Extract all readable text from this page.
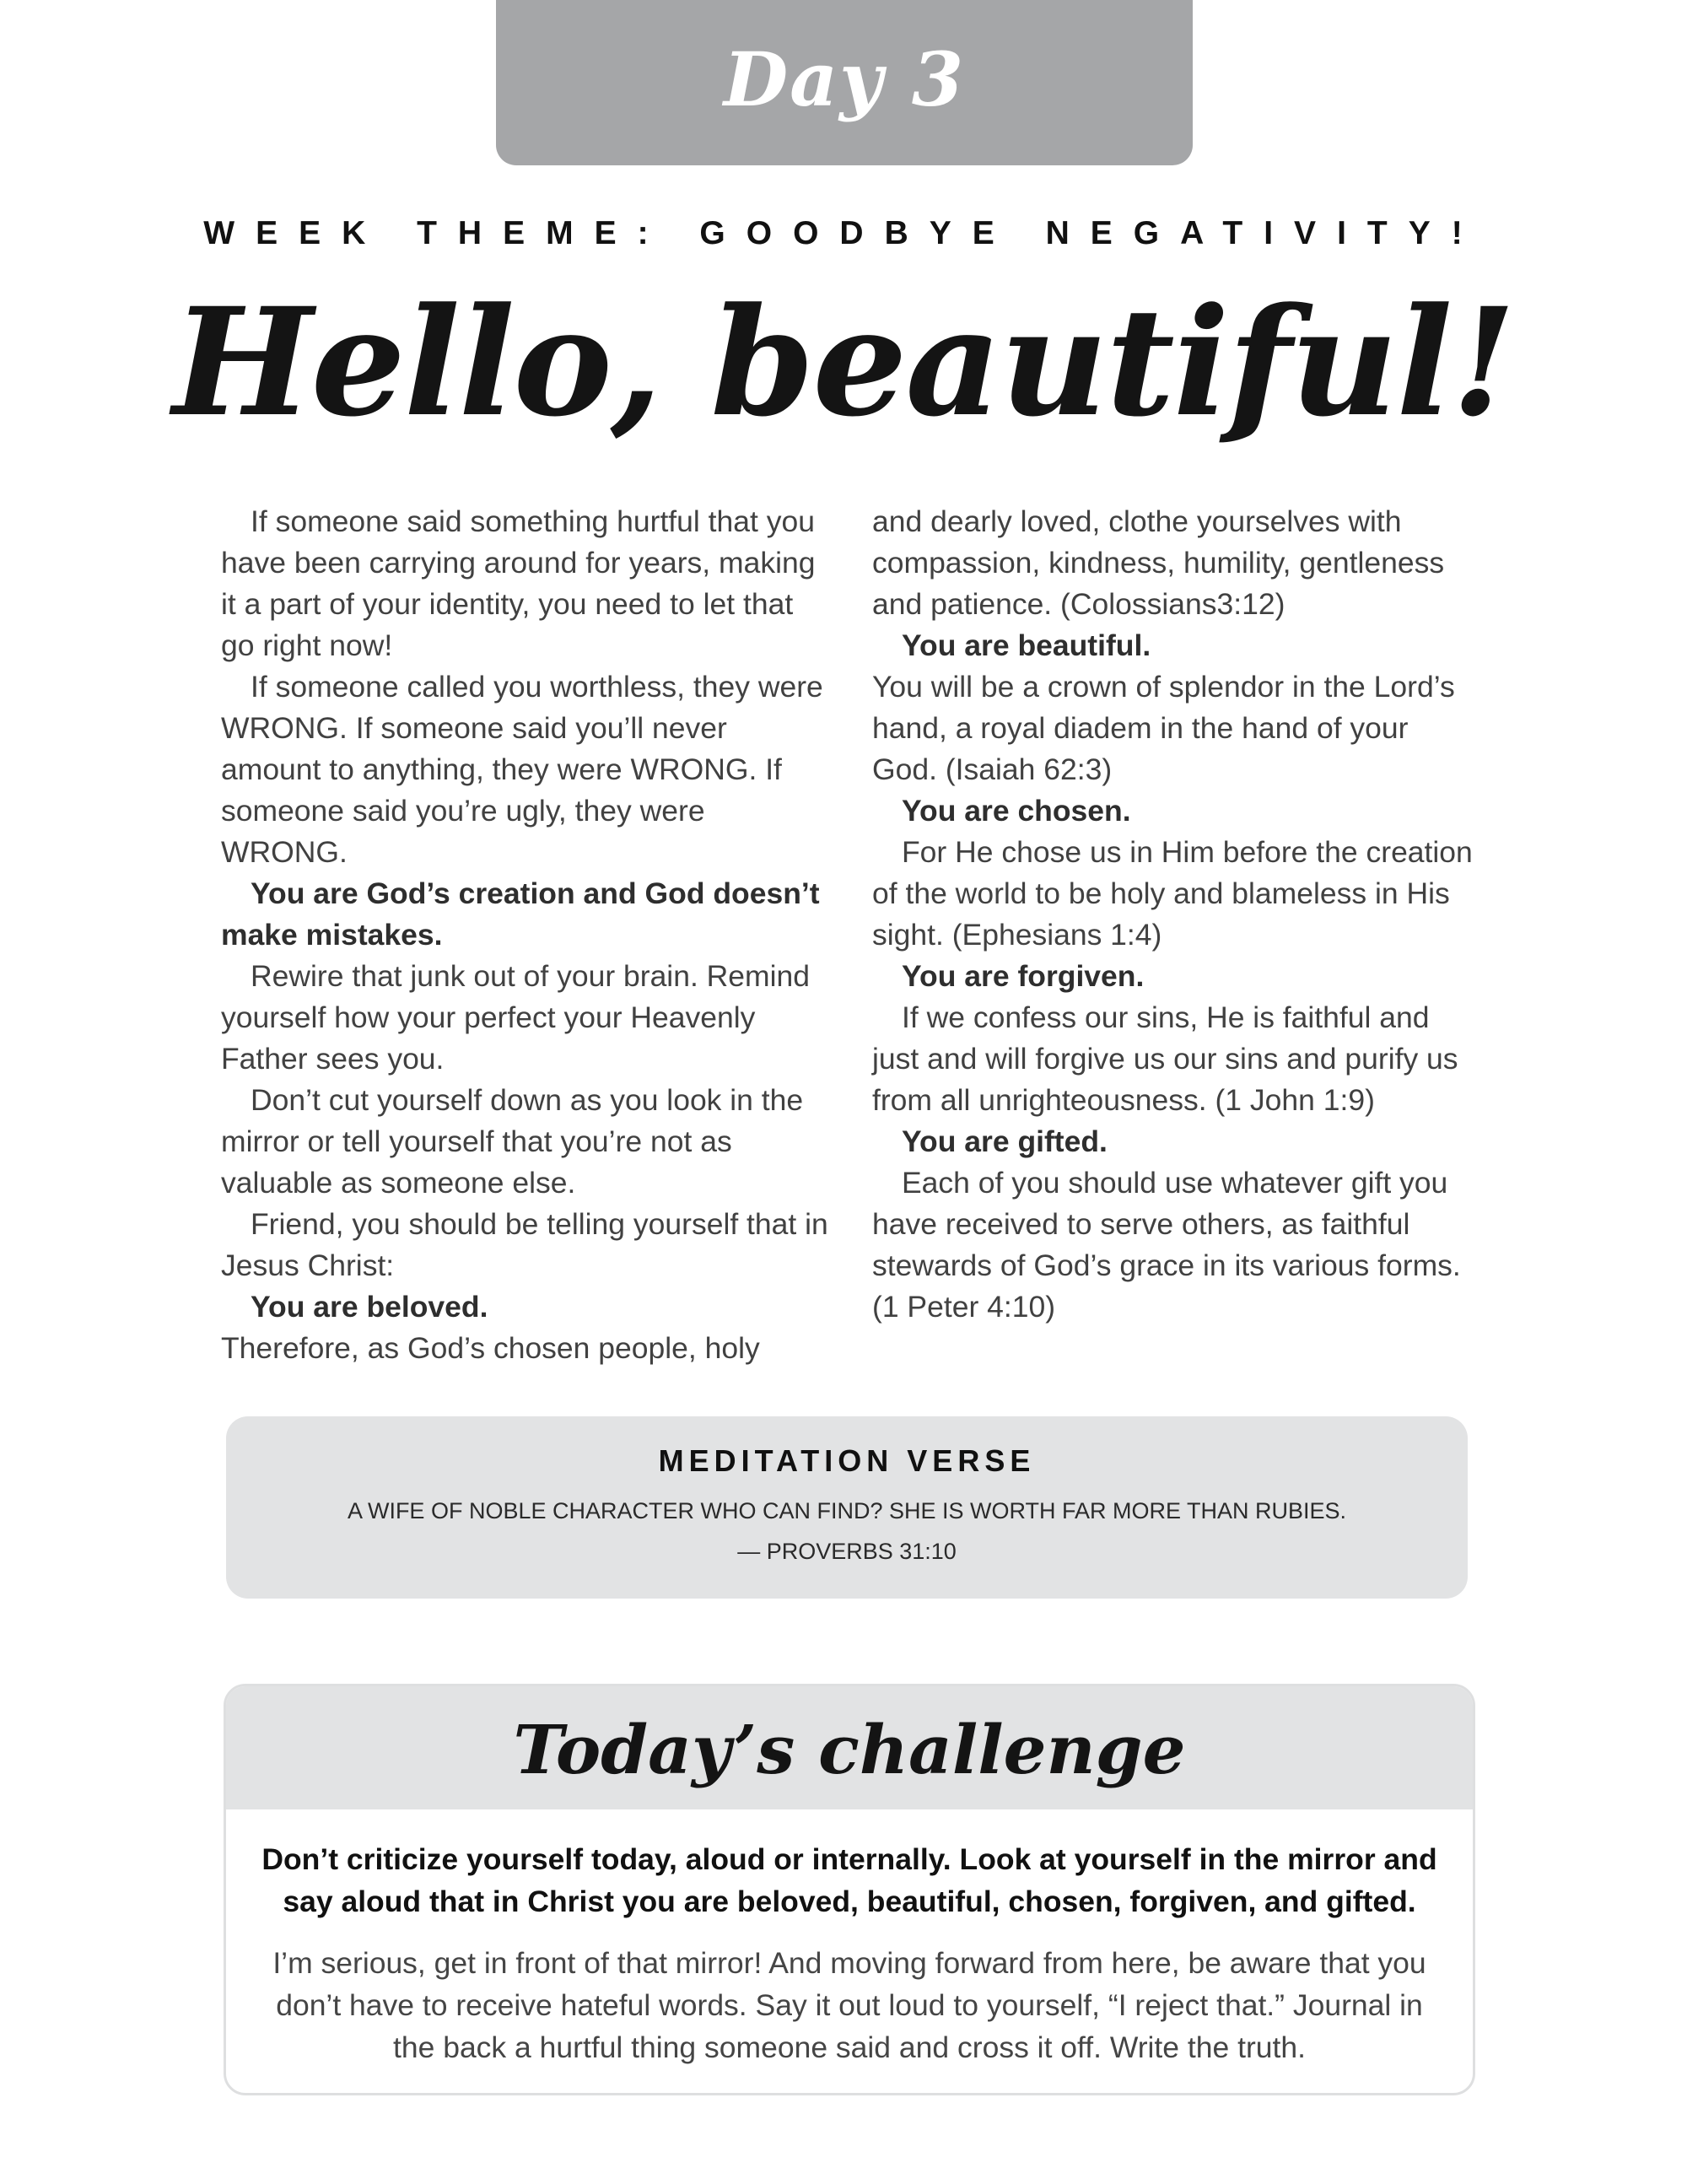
Day 3
WEEK THEME: GOODBYE NEGATIVITY!
Hello, beautiful!

If someone said something hurtful that you have been carrying around for years, making it a part of your identity, you need to let that go right now!

If someone called you worthless, they were WRONG. If someone said you’ll never amount to anything, they were WRONG. If someone said you’re ugly, they were WRONG.

You are God’s creation and God doesn’t make mistakes.

Rewire that junk out of your brain. Remind yourself how your perfect your Heavenly Father sees you.

Don’t cut yourself down as you look in the mirror or tell yourself that you’re not as valuable as someone else.

Friend, you should be telling yourself that in Jesus Christ:

You are beloved.

Therefore, as God’s chosen people, holy

and dearly loved, clothe yourselves with compassion, kindness, humility, gentleness and patience. (Colossians3:12)

You are beautiful.

You will be a crown of splendor in the Lord’s hand, a royal diadem in the hand of your God. (Isaiah 62:3)

You are chosen.

For He chose us in Him before the creation of the world to be holy and blameless in His sight. (Ephesians 1:4)

You are forgiven.

If we confess our sins, He is faithful and just and will forgive us our sins and purify us from all unrighteousness. (1 John 1:9)

You are gifted.

Each of you should use whatever gift you have received to serve others, as faithful stewards of God’s grace in its various forms. (1 Peter 4:10)

MEDITATION VERSE
A WIFE OF NOBLE CHARACTER WHO CAN FIND? SHE IS WORTH FAR MORE THAN RUBIES.
— PROVERBS 31:10
Today’s challenge
Don’t criticize yourself today, aloud or internally. Look at yourself in the mirror and say aloud that in Christ you are beloved, beautiful, chosen, forgiven, and gifted.
I’m serious, get in front of that mirror! And moving forward from here, be aware that you don’t have to receive hateful words. Say it out loud to yourself, “I reject that.” Journal in the back a hurtful thing someone said and cross it off. Write the truth.
